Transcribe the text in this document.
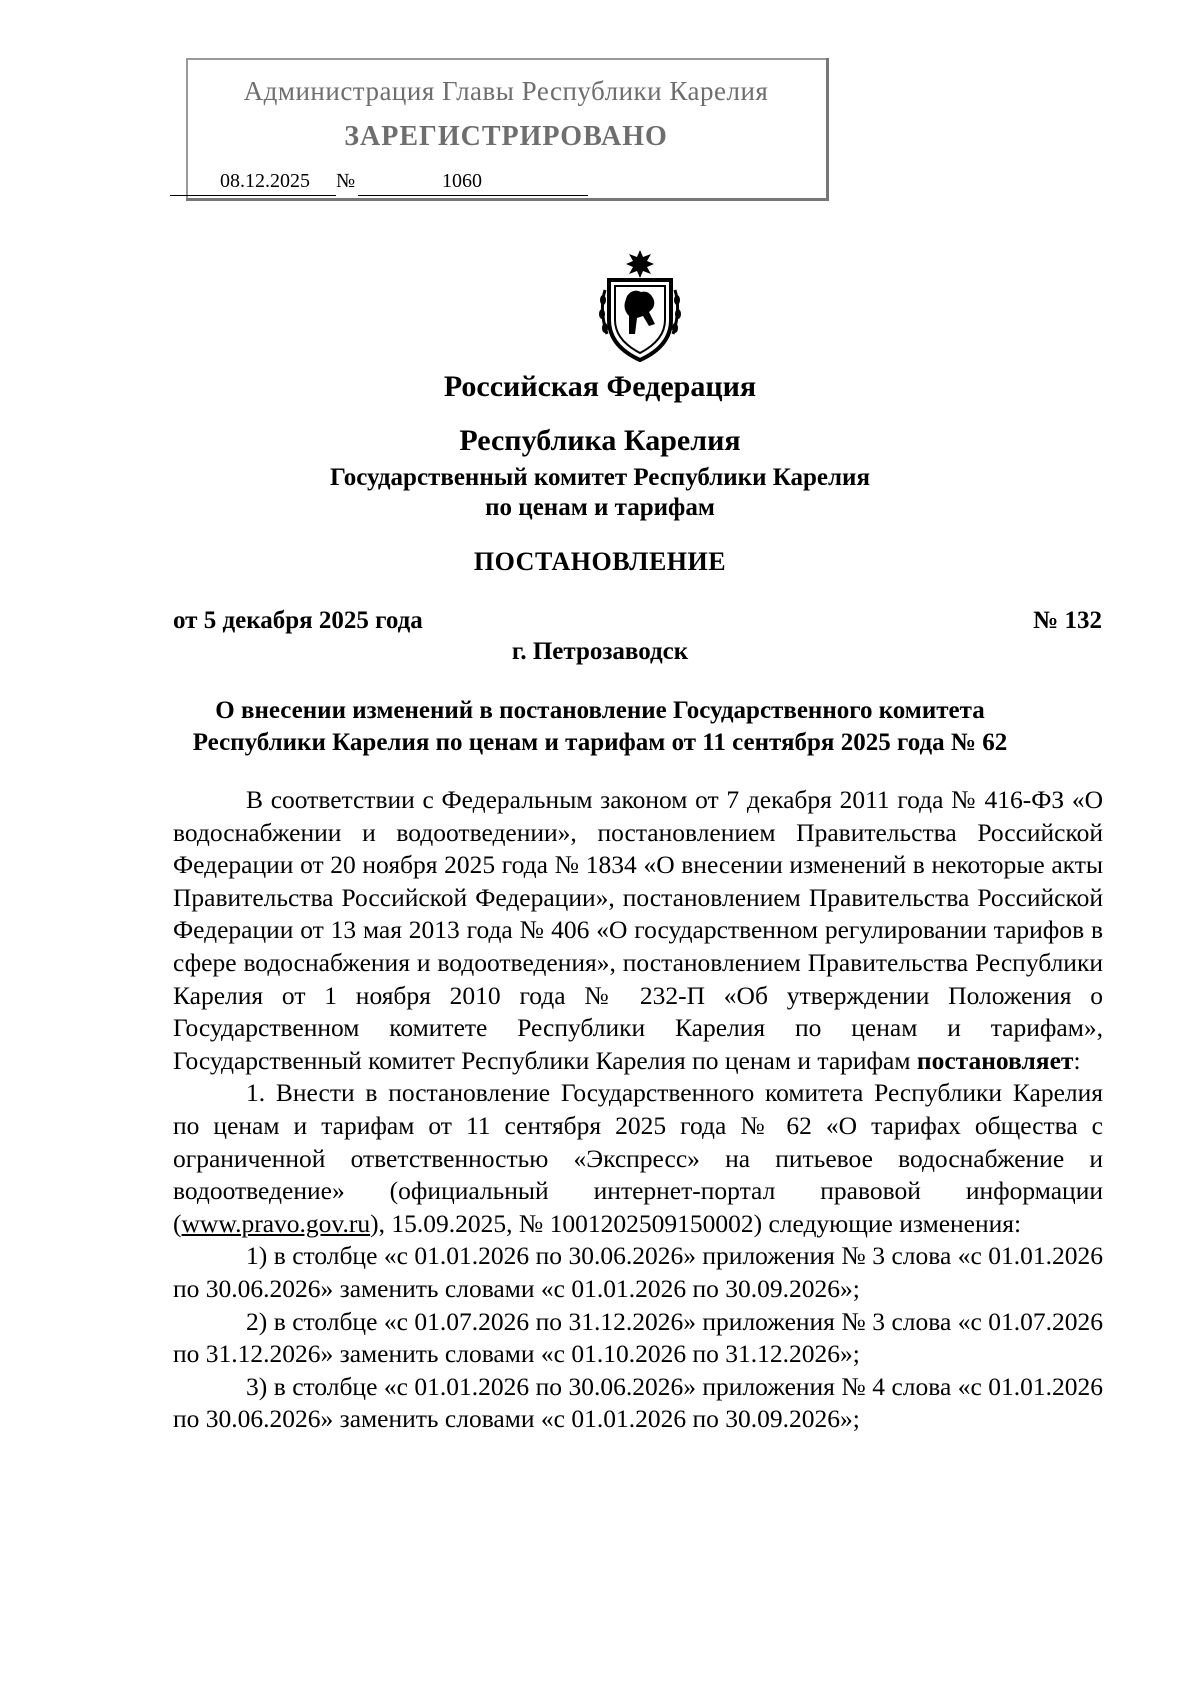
Администрация Главы Республики Карелия
ЗАРЕГИСТРИРОВАНО
08.12.2025 №	1060
Российская Федерация
Республика Карелия
Государственный комитет Республики Карелия
по ценам и тарифам
ПОСТАНОВЛЕНИЕ
от 5 декабря 2025 года	№ 132
г. Петрозаводск
О внесении изменений в постановление Государственного комитета
Республики Карелия по ценам и тарифам от 11 сентября 2025 года № 62

В соответствии с Федеральным законом от 7 декабря 2011 года № 416-ФЗ «О водоснабжении и водоотведении», постановлением Правительства Российской Федерации от 20 ноября 2025 года № 1834 «О внесении изменений в некоторые акты Правительства Российской Федерации», постановлением Правительства Российской Федерации от 13 мая 2013 года № 406 «О государственном регулировании тарифов в сфере водоснабжения и водоотведения», постановлением Правительства Республики Карелия от 1 ноября 2010 года № 232-П «Об утверждении Положения о Государственном комитете Республики Карелия по ценам и тарифам», Государственный комитет Республики Карелия по ценам и тарифам постановляет:

1. Внести в постановление Государственного комитета Республики Карелия по ценам и тарифам от 11 сентября 2025 года № 62 «О тарифах общества с ограниченной ответственностью «Экспресс» на питьевое водоснабжение и водоотведение» (официальный интернет-портал правовой информации (www.pravo.gov.ru), 15.09.2025, № 1001202509150002) следующие изменения:

1) в столбце «с 01.01.2026 по 30.06.2026» приложения № 3 слова «с 01.01.2026 по 30.06.2026» заменить словами «с 01.01.2026 по 30.09.2026»;

2) в столбце «с 01.07.2026 по 31.12.2026» приложения № 3 слова «с 01.07.2026 по 31.12.2026» заменить словами «с 01.10.2026 по 31.12.2026»;

3) в столбце «с 01.01.2026 по 30.06.2026» приложения № 4 слова «с 01.01.2026 по 30.06.2026» заменить словами «с 01.01.2026 по 30.09.2026»;
